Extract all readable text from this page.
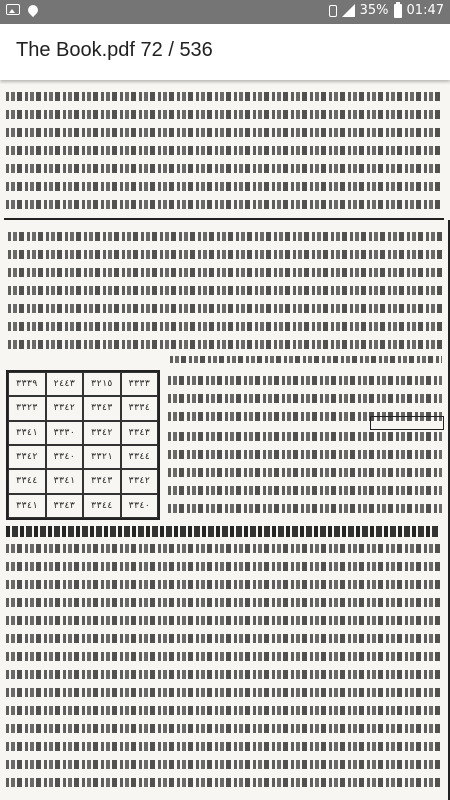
35% 01:47
The Book.pdf 72 / 536
٣٣٣٩	٢٤٤٣	٣٢١٥	٣٣٣٣
٣٣٢٣	٣٣٤٢	٣٣٤٣	٣٣٣٤
٣٣٤١	٣٣٣٠	٣٣٤٢	٣٣٤٣
٣٣٤٢	٣٣٤٠	٣٣٢١	٣٣٤٤
٣٣٤٤	٣٣٤١	٣٣٤٣	٣٣٤٢
٣٣٤١	٣٣٤٣	٣٣٤٤	٣٣٤٠
